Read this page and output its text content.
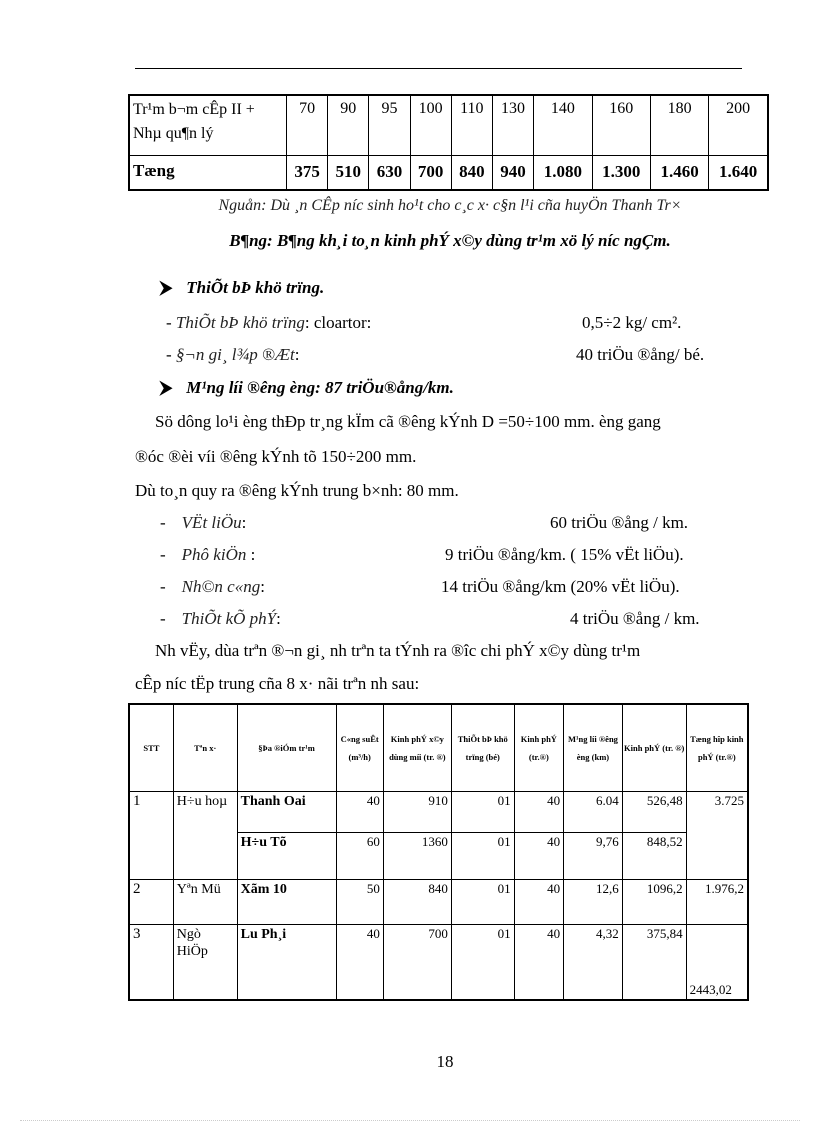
Tr¹m b¬m cÊp II + Nhµ qu¶n lý	70	90	95	100	110	130	140	160	180	200
Tæng	375	510	630	700	840	940	1.080	1.300	1.460	1.640
Nguån: Dù ¸n CÊp níc sinh ho¹t cho c¸c x· c§n l¹i cña huyÖn Thanh Tr×
B¶ng: B¶ng kh¸i to¸n kinh phÝ x©y dùng tr¹m xö lý níc ngÇm.
⮞ ThiÕt bÞ khö trïng.
- ThiÕt bÞ khö trïng: cloartor:	0,5÷2 kg/ cm².
- §¬n gi¸ l¾p ®Æt:	40 triÖu ®ång/ bé.
⮞ M¹ng líi ®êng èng: 87 triÖu®ång/km.
Sö dông lo¹i èng thÐp tr¸ng kÏm cã ®êng kÝnh D =50÷100 mm. èng gang
®óc ®èi víi ®êng kÝnh tõ 150÷200 mm.
Dù to¸n quy ra ®êng kÝnh trung b×nh: 80 mm.
- VËt liÖu:	60 triÖu ®ång / km.
- Phô kiÖn :	9 triÖu ®ång/km. ( 15% vËt liÖu).
- Nh©n c«ng:	14 triÖu ®ång/km (20% vËt liÖu).
- ThiÕt kÕ phÝ:	4 triÖu ®ång / km.
Nh vËy, dùa trªn ®¬n gi¸ nh trªn ta tÝnh ra ®îc chi phÝ x©y dùng tr¹m
cÊp níc tËp trung cña 8 x· nãi trªn nh sau:
STT	Tªn x·	§Þa ®iÓm tr¹m	C«ng suÊt (m³/h)	Kinh phÝ x©y dùng míi (tr. ®)	ThiÕt bÞ khö trïng (bé)	Kinh phÝ (tr.®)	M¹ng líi ®êng èng (km)	Kinh phÝ (tr. ®)	Tæng hîp kinh phÝ (tr.®)
1	H÷u hoµ	Thanh Oai	40	910	01	40	6.04	526,48	3.725
		H÷u Tõ	60	1360	01	40	9,76	848,52	
2	Yªn Mü	Xãm 10	50	840	01	40	12,6	1096,2	1.976,2
3	Ngò HiÖp	Lu Ph¸i	40	700	01	40	4,32	375,84	2443,02
18
